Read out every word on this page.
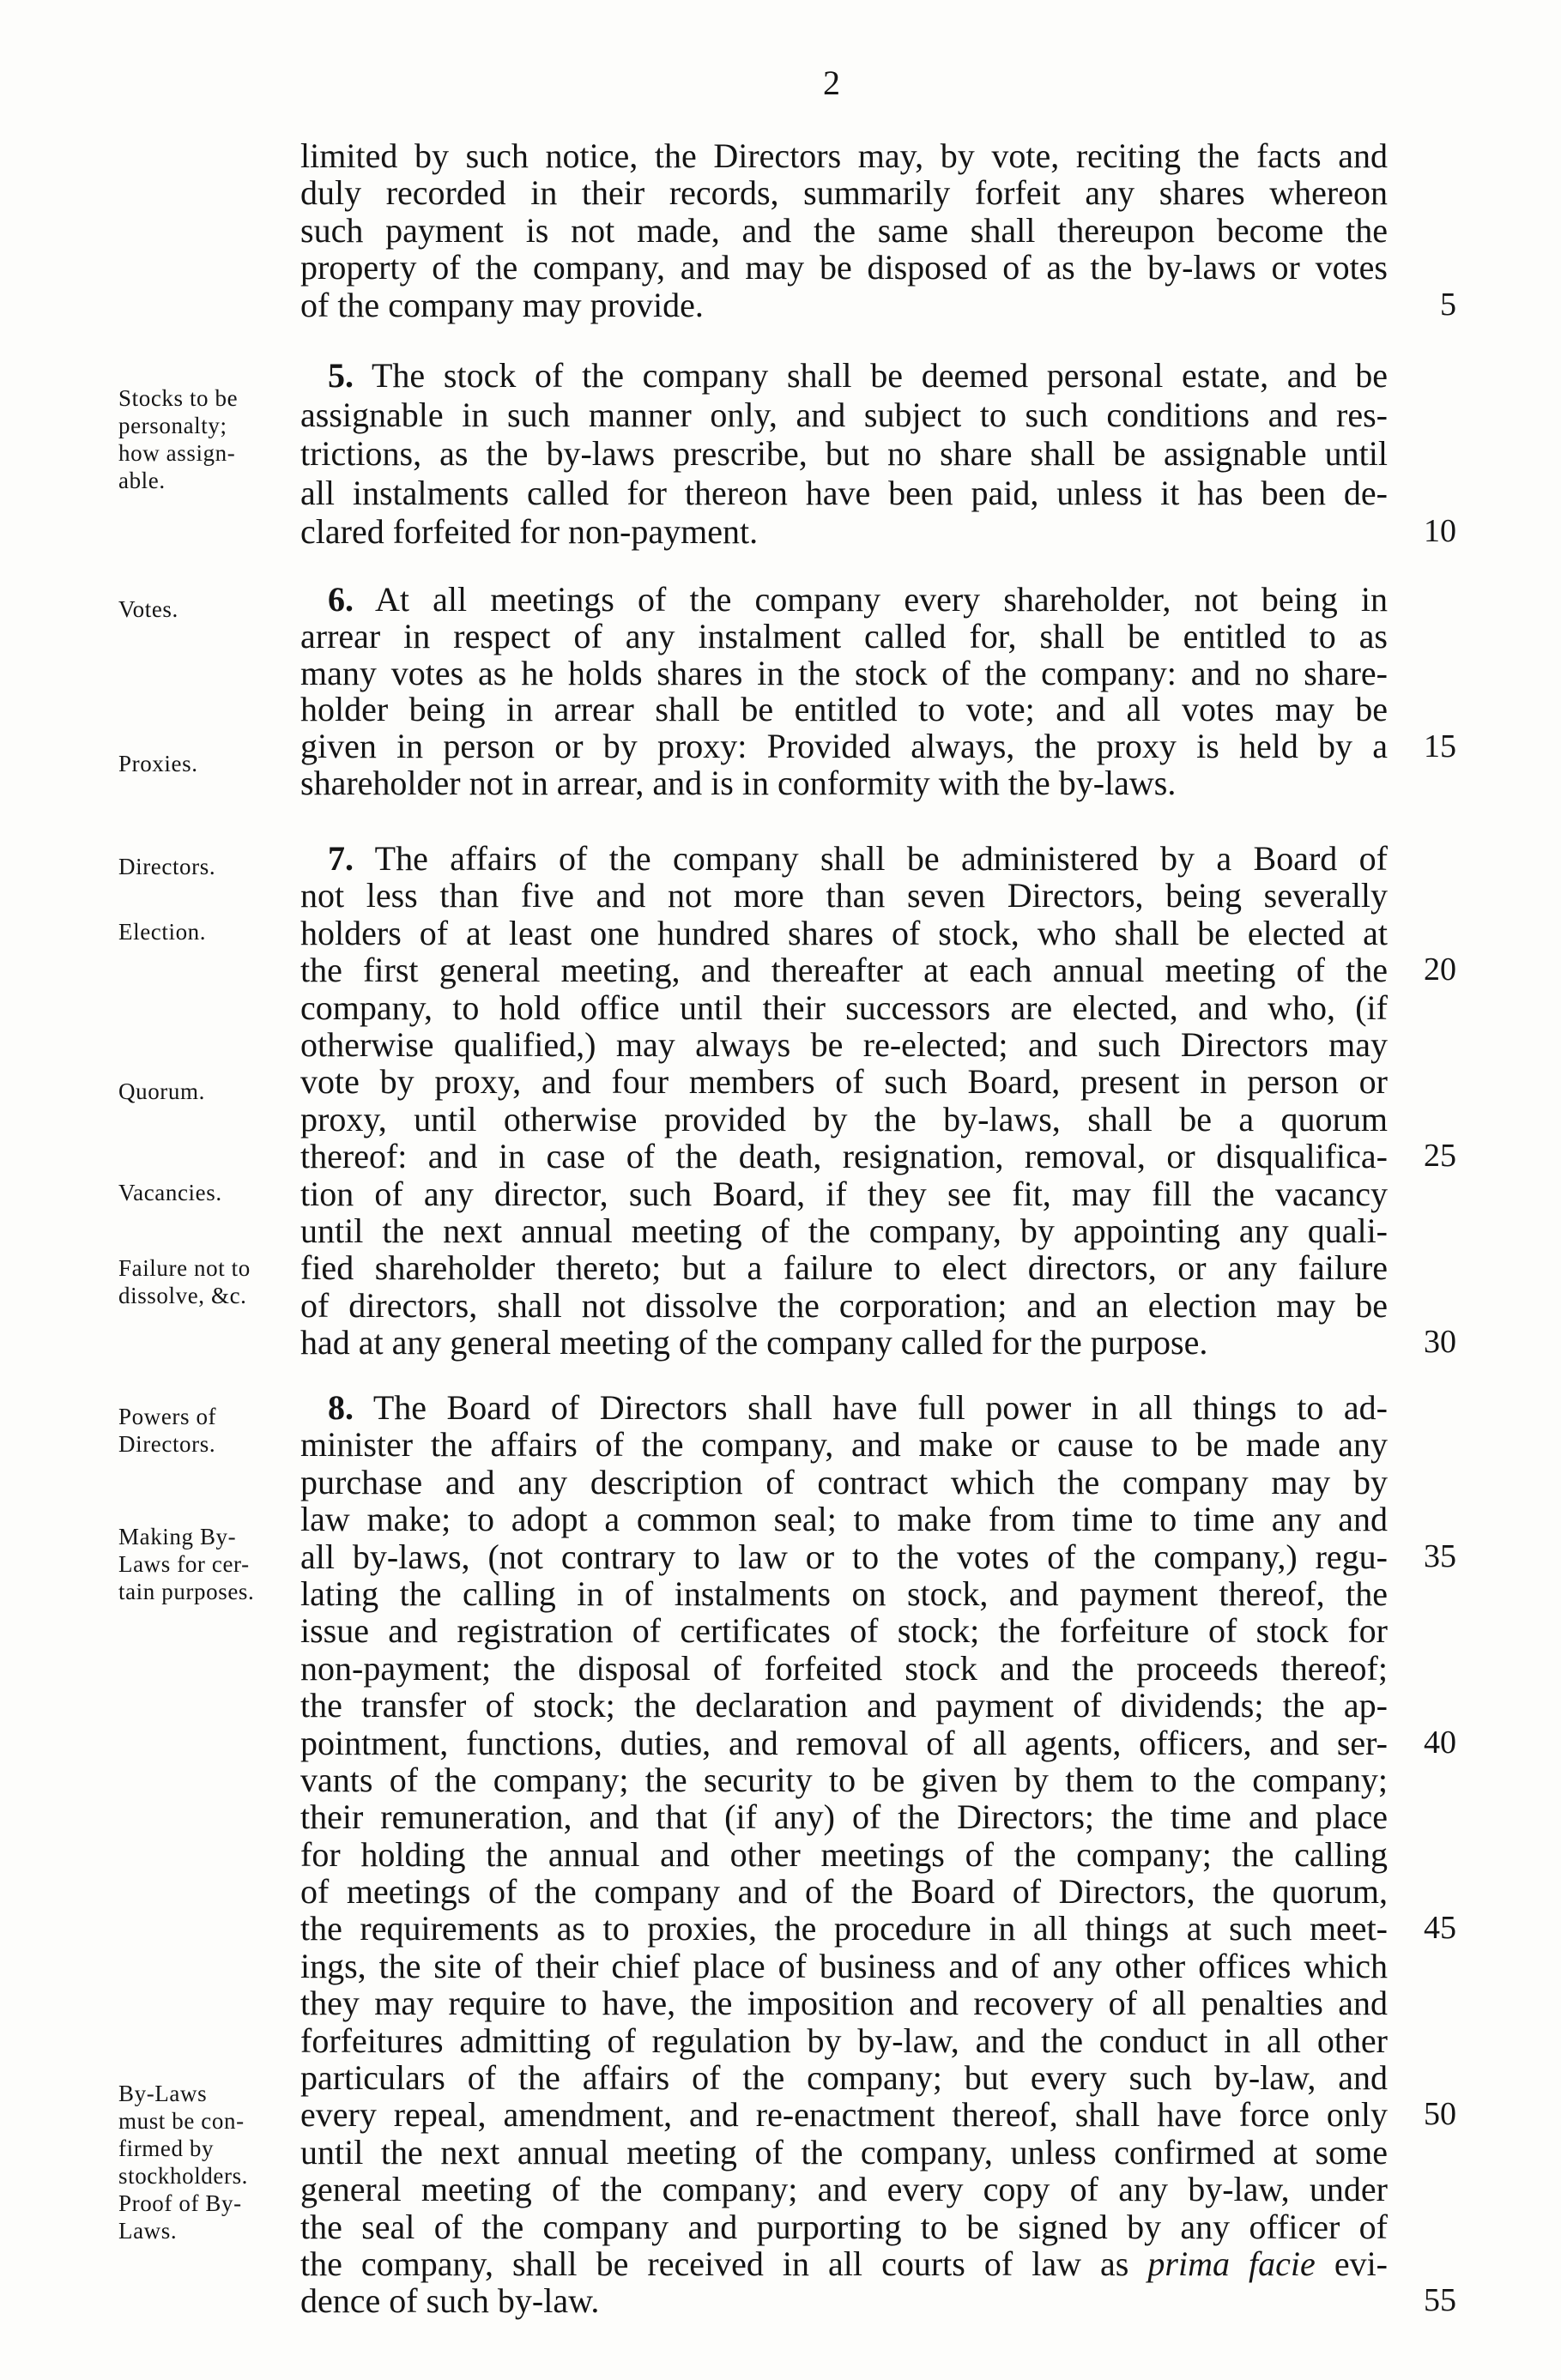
2
Stocks to be
personalty;
how assign-
able.
Votes.
Proxies.
Directors.
Election.
Quorum.
Vacancies.
Failure not to
dissolve, &c.
Powers of
Directors.
Making By-
Laws for cer-
tain purposes.
By-Laws
must be con-
firmed by
stockholders.
Proof of By-
Laws.
limited by such notice, the Directors may, by vote, reciting the facts and
duly recorded in their records, summarily forfeit any shares whereon
such payment is not made, and the same shall thereupon become the
property of the company, and may be disposed of as the by-laws or votes
of the company may provide.	5
5. The stock of the company shall be deemed personal estate, and be
assignable in such manner only, and subject to such conditions and res-
trictions, as the by-laws prescribe, but no share shall be assignable until
all instalments called for thereon have been paid, unless it has been de-
clared forfeited for non-payment.	10
6. At all meetings of the company every shareholder, not being in
arrear in respect of any instalment called for, shall be entitled to as
many votes as he holds shares in the stock of the company: and no share-
holder being in arrear shall be entitled to vote; and all votes may be
given in person or by proxy: Provided always, the proxy is held by a 15
shareholder not in arrear, and is in conformity with the by-laws.
7. The affairs of the company shall be administered by a Board of
not less than five and not more than seven Directors, being severally
holders of at least one hundred shares of stock, who shall be elected at
the first general meeting, and thereafter at each annual meeting of the 20
company, to hold office until their successors are elected, and who, (if
otherwise qualified,) may always be re-elected; and such Directors may
vote by proxy, and four members of such Board, present in person or
proxy, until otherwise provided by the by-laws, shall be a quorum
thereof: and in case of the death, resignation, removal, or disqualifica- 25
tion of any director, such Board, if they see fit, may fill the vacancy
until the next annual meeting of the company, by appointing any quali-
fied shareholder thereto; but a failure to elect directors, or any failure
of directors, shall not dissolve the corporation; and an election may be
had at any general meeting of the company called for the purpose.	30
8. The Board of Directors shall have full power in all things to ad-
minister the affairs of the company, and make or cause to be made any
purchase and any description of contract which the company may by
law make; to adopt a common seal; to make from time to time any and
all by-laws, (not contrary to law or to the votes of the company,) regu- 35
lating the calling in of instalments on stock, and payment thereof, the
issue and registration of certificates of stock; the forfeiture of stock for
non-payment; the disposal of forfeited stock and the proceeds thereof;
the transfer of stock; the declaration and payment of dividends; the ap-
pointment, functions, duties, and removal of all agents, officers, and ser- 40
vants of the company; the security to be given by them to the company;
their remuneration, and that (if any) of the Directors; the time and place
for holding the annual and other meetings of the company; the calling
of meetings of the company and of the Board of Directors, the quorum,
the requirements as to proxies, the procedure in all things at such meet- 45
ings, the site of their chief place of business and of any other offices which
they may require to have, the imposition and recovery of all penalties and
forfeitures admitting of regulation by by-law, and the conduct in all other
particulars of the affairs of the company; but every such by-law, and
every repeal, amendment, and re-enactment thereof, shall have force only 50
until the next annual meeting of the company, unless confirmed at some
general meeting of the company; and every copy of any by-law, under
the seal of the company and purporting to be signed by any officer of
the company, shall be received in all courts of law as prima facie evi-
dence of such by-law.	55
